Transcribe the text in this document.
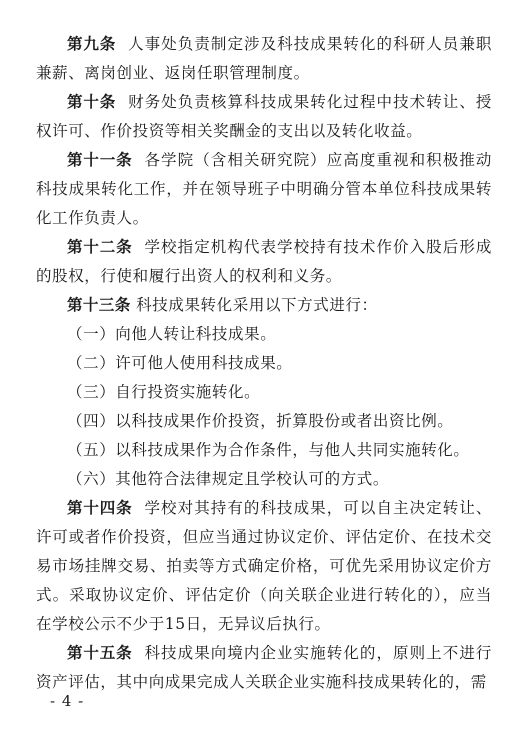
第九条 人事处负责制定涉及科技成果转化的科研人员兼职兼薪、离岗创业、返岗任职管理制度。

第十条 财务处负责核算科技成果转化过程中技术转让、授权许可、作价投资等相关奖酬金的支出以及转化收益。

第十一条 各学院（含相关研究院）应高度重视和积极推动科技成果转化工作，并在领导班子中明确分管本单位科技成果转化工作负责人。

第十二条 学校指定机构代表学校持有技术作价入股后形成的股权，行使和履行出资人的权利和义务。

第十三条 科技成果转化采用以下方式进行：

（一）向他人转让科技成果。

（二）许可他人使用科技成果。

（三）自行投资实施转化。

（四）以科技成果作价投资，折算股份或者出资比例。

（五）以科技成果作为合作条件，与他人共同实施转化。

（六）其他符合法律规定且学校认可的方式。

第十四条 学校对其持有的科技成果，可以自主决定转让、许可或者作价投资，但应当通过协议定价、评估定价、在技术交易市场挂牌交易、拍卖等方式确定价格，可优先采用协议定价方式。采取协议定价、评估定价（向关联企业进行转化的），应当在学校公示不少于15日，无异议后执行。

第十五条 科技成果向境内企业实施转化的，原则上不进行资产评估，其中向成果完成人关联企业实施科技成果转化的，需

- 4 -
